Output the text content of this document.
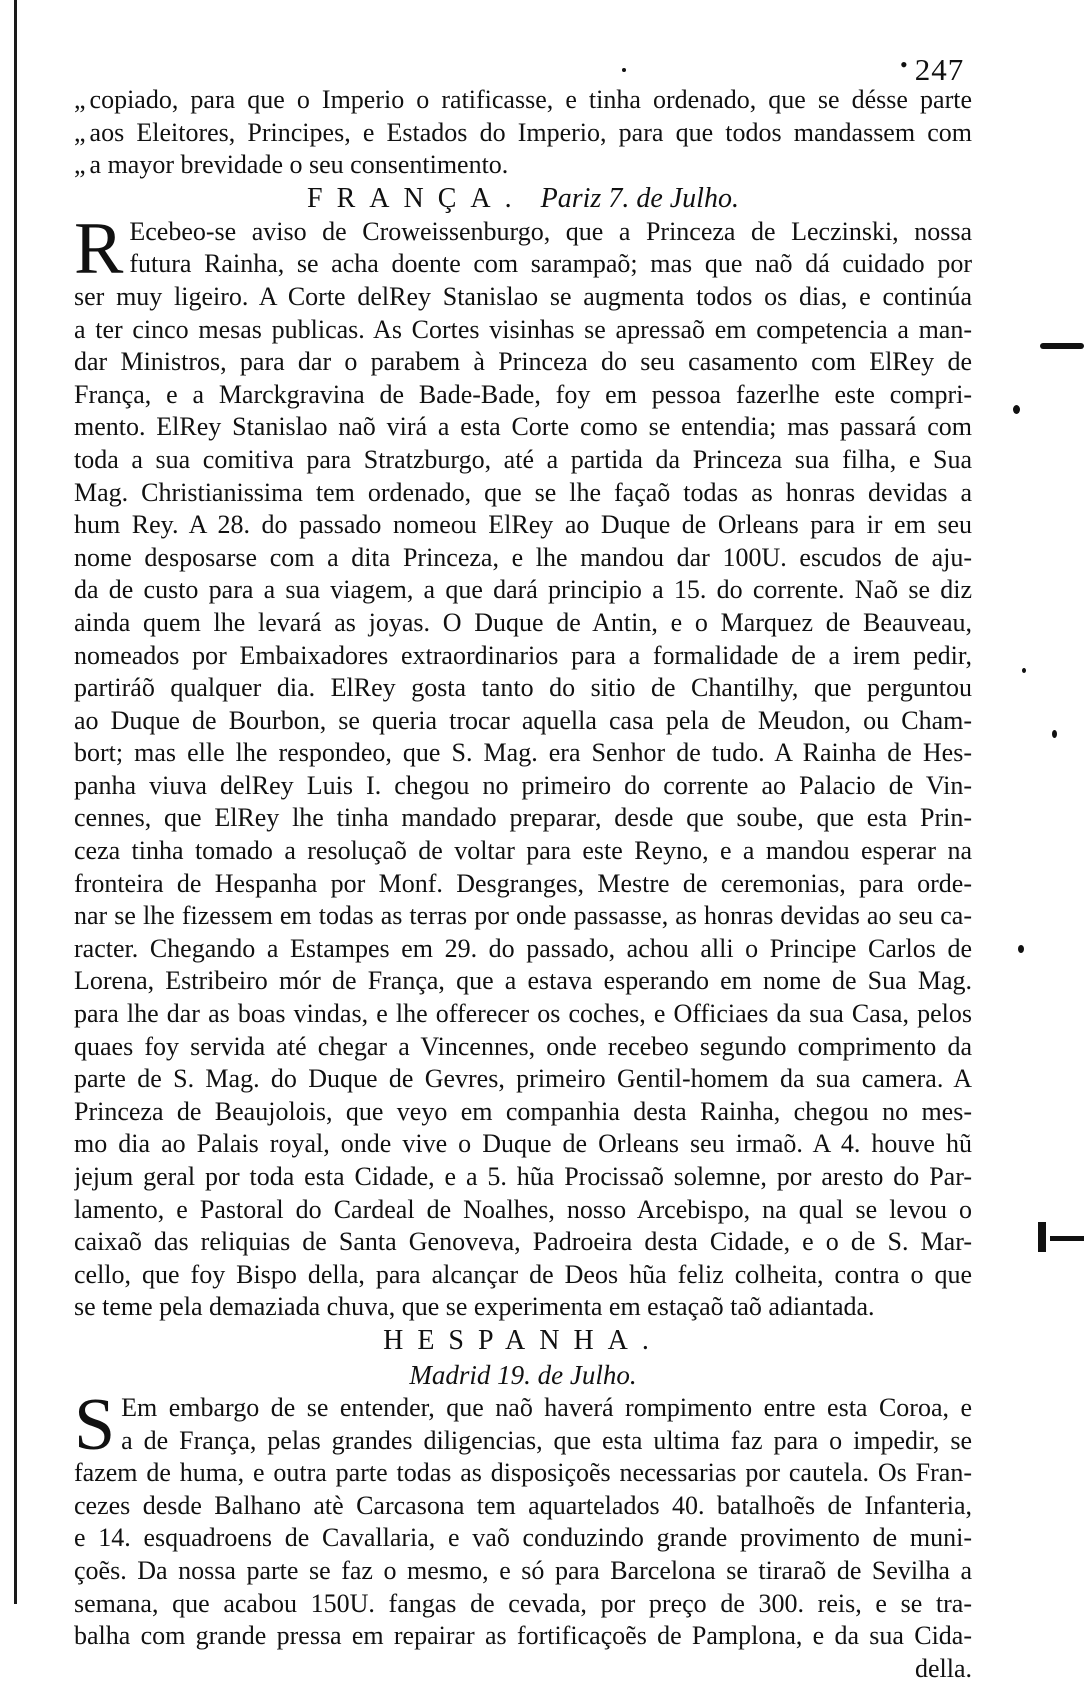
• 247
„ copiado, para que o Imperio o ratificasse, e tinha ordenado, que se désse parte
„ aos Eleitores, Principes, e Estados do Imperio, para que todos mandassem com
„ a mayor brevidade o seu consentimento.
FRANÇA. Pariz 7. de Julho.
R Ecebeo-se aviso de Croweissenburgo, que a Princeza de Leczinski, nossa
futura Rainha, se acha doente com sarampaõ; mas que naõ dá cuidado por
ser muy ligeiro. A Corte delRey Stanislao se augmenta todos os dias, e continúa
a ter cinco mesas publicas. As Cortes visinhas se apressaõ em competencia a man-
dar Ministros, para dar o parabem à Princeza do seu casamento com ElRey de
França, e a Marckgravina de Bade-Bade, foy em pessoa fazerlhe este compri-
mento. ElRey Stanislao naõ virá a esta Corte como se entendia; mas passará com
toda a sua comitiva para Stratzburgo, até a partida da Princeza sua filha, e Sua
Mag. Christianissima tem ordenado, que se lhe façaõ todas as honras devidas a
hum Rey. A 28. do passado nomeou ElRey ao Duque de Orleans para ir em seu
nome desposarse com a dita Princeza, e lhe mandou dar 100U. escudos de aju-
da de custo para a sua viagem, a que dará principio a 15. do corrente. Naõ se diz
ainda quem lhe levará as joyas. O Duque de Antin, e o Marquez de Beauveau,
nomeados por Embaixadores extraordinarios para a formalidade de a irem pedir,
partiráõ qualquer dia. ElRey gosta tanto do sitio de Chantilhy, que perguntou
ao Duque de Bourbon, se queria trocar aquella casa pela de Meudon, ou Cham-
bort; mas elle lhe respondeo, que S. Mag. era Senhor de tudo. A Rainha de Hes-
panha viuva delRey Luis I. chegou no primeiro do corrente ao Palacio de Vin-
cennes, que ElRey lhe tinha mandado preparar, desde que soube, que esta Prin-
ceza tinha tomado a resoluçaõ de voltar para este Reyno, e a mandou esperar na
fronteira de Hespanha por Monf. Desgranges, Mestre de ceremonias, para orde-
nar se lhe fizessem em todas as terras por onde passasse, as honras devidas ao seu ca-
racter. Chegando a Estampes em 29. do passado, achou alli o Principe Carlos de
Lorena, Estribeiro mór de França, que a estava esperando em nome de Sua Mag.
para lhe dar as boas vindas, e lhe offerecer os coches, e Officiaes da sua Casa, pelos
quaes foy servida até chegar a Vincennes, onde recebeo segundo comprimento da
parte de S. Mag. do Duque de Gevres, primeiro Gentil-homem da sua camera. A
Princeza de Beaujolois, que veyo em companhia desta Rainha, chegou no mes-
mo dia ao Palais royal, onde vive o Duque de Orleans seu irmaõ. A 4. houve hũ
jejum geral por toda esta Cidade, e a 5. hũa Procissaõ solemne, por aresto do Par-
lamento, e Pastoral do Cardeal de Noalhes, nosso Arcebispo, na qual se levou o
caixaõ das reliquias de Santa Genoveva, Padroeira desta Cidade, e o de S. Mar-
cello, que foy Bispo della, para alcançar de Deos hũa feliz colheita, contra o que
se teme pela demaziada chuva, que se experimenta em estaçaõ taõ adiantada.
HESPANHA.
Madrid 19. de Julho.
S Em embargo de se entender, que naõ haverá rompimento entre esta Coroa, e
a de França, pelas grandes diligencias, que esta ultima faz para o impedir, se
fazem de huma, e outra parte todas as disposiçoẽs necessarias por cautela. Os Fran-
cezes desde Balhano atè Carcasona tem aquartelados 40. batalhoẽs de Infanteria,
e 14. esquadroens de Cavallaria, e vaõ conduzindo grande provimento de muni-
çoẽs. Da nossa parte se faz o mesmo, e só para Barcelona se tiraraõ de Sevilha a
semana, que acabou 150U. fangas de cevada, por preço de 300. reis, e se tra-
balha com grande pressa em repairar as fortificaçoẽs de Pamplona, e da sua Cida-
della.
